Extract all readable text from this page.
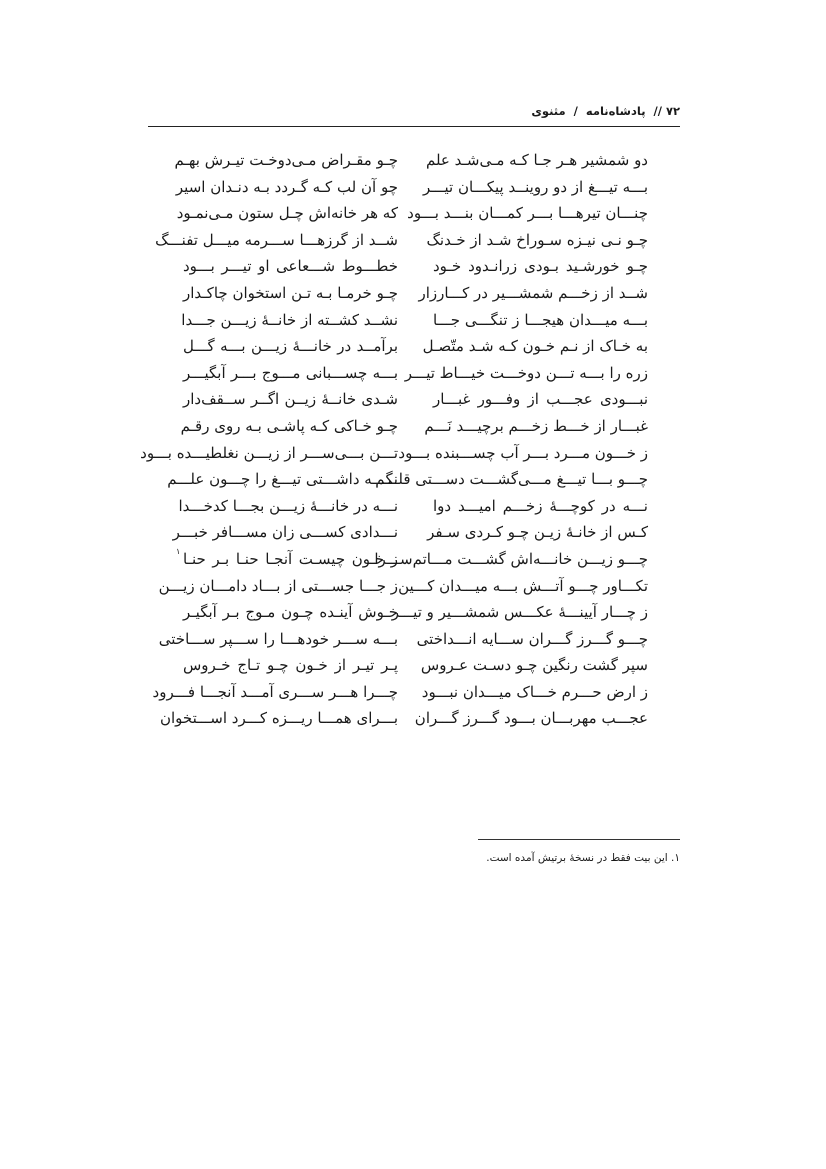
۷۲// پادشاه‌نامه / مثنوی
دو شمشیر هـر جـا کـه مـی‌شـد علم
چـو مقـراض مـی‌دوخـت تیـرش بهـم
بـــه تیـــغ از دو روینــد پیکـــان تیـــر
چو آن لب کـه گـردد بـه دنـدان اسیر
چنـــان تیرهـــا بـــر کمـــان بنـــد بـــود
که هر خانه‌اش چـل ستون مـی‌نمـود
چـو نـی نیـزه سـوراخ شـد از خـدنگ
شــد از گرزهـــا ســـرمه میـــل تفنـــگ
چـو خورشـید بـودی زرانـدود خـود
خطـــوط شـــعاعی او تیـــر بـــود
شــد از زخـــم شمشـــیر در کـــارزار
چـو خرمـا بـه تـن استخوان چاکـدار
بـــه میـــدان هیجـــا ز تنگـــی جـــا
نشــد کشــته از خانــۀ زیـــن جـــدا
به خـاک از نـم خـون کـه شـد متّصـل
برآمــد در خانـــۀ زیـــن بـــه گـــل
زره را بـــه تـــن دوخـــت خیـــاط تیـــر
بـــه چســـبانی مـــوج بـــر آبگیـــر
نبـــودی عجـــب از وفـــور غبـــار
شـدی خانــۀ زیــن اگــر ســقف‌دار
غبـــار از خـــط زخـــم برچیـــد نَـــم
چـو خـاکی کـه پاشـی بـه روی رقـم
ز خـــون مـــرد بـــر آب چســـبنده بـــود
تـــن بـــی‌ســـر از زیـــن نغلطیـــده بـــود
چـــو بـــا تیـــغ مـــی‌گشـــت دســـتی قلـــم
نگـــه داشـــتی تیـــغ را چـــون علـــم
نـــه در کوچـــۀ زخـــم امیـــد دوا
نـــه در خانـــۀ زیـــن بجـــا کدخـــدا
کـس از خانـۀ زیـن چـو کـردی سـفر
نـــدادی کســـی زان مســـافر خبـــر
چـــو زیـــن خانـــه‌اش گشـــت مـــاتم‌ســـرا
ز خـون چیسـت آنجـا حنـا بـر حنـا
۱
تکـــاور چـــو آتـــش بـــه میـــدان کـــین
ز جـــا جســـتی از بـــاد دامـــان زیـــن
ز چـــار آیینـــۀ عکـــس شمشـــیر و تیـــر
خـوش آینـده چـون مـوج بـر آبگیـر
چـــو گـــرز گـــران ســـایه انـــداختی
بـــه ســـر خودهـــا را ســـپر ســـاختی
سپر گشت رنگین چـو دسـت عـروس
پـر تیـر از خـون چـو تـاج خـروس
ز ارض حـــرم خـــاک میـــدان نبـــود
چـــرا هـــر ســـری آمـــد آنجـــا فـــرود
عجـــب مهربـــان بـــود گـــرز گـــران
بـــرای همـــا ریـــزه کـــرد اســـتخوان
۱. این بیت فقط در نسخۀ برتیش آمده است.
